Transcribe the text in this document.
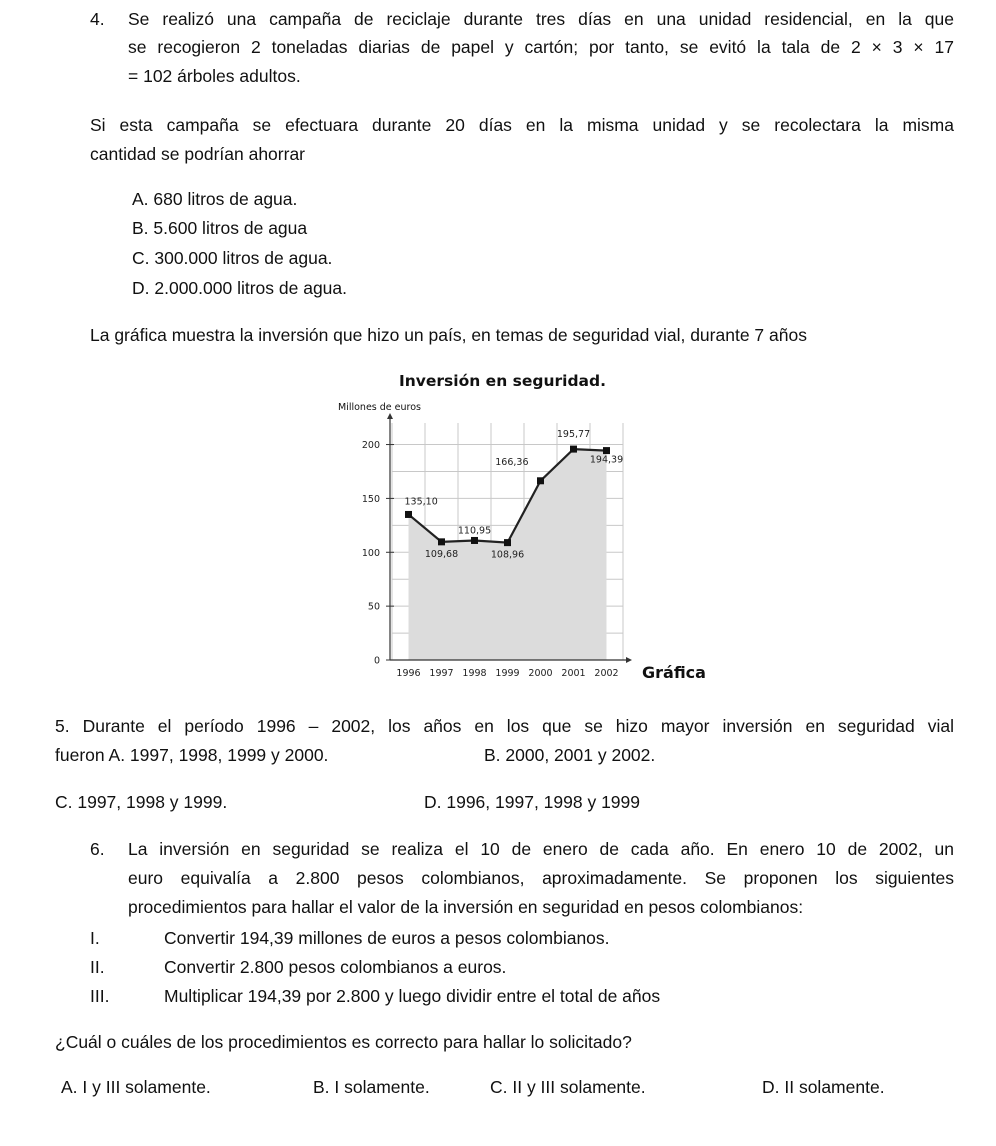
4. Se realizó una campaña de reciclaje durante tres días en una unidad residencial, en la que
se recogieron 2 toneladas diarias de papel y cartón; por tanto, se evitó la tala de 2 × 3 × 17
= 102 árboles adultos.
Si esta campaña se efectuara durante 20 días en la misma unidad y se recolectara la misma
cantidad se podrían ahorrar
A. 680 litros de agua.
B. 5.600 litros de agua
C. 300.000 litros de agua.
D. 2.000.000 litros de agua.
La gráfica muestra la inversión que hizo un país, en temas de seguridad vial, durante 7 años
Inversión en seguridad.
Millones de euros
135,10
109,68
110,95
108,96
166,36
195,77
194,39
0
50
100
150
200
1996 1997 1998 1999 2000 2001 2002 Gráfica
5. Durante el período 1996 – 2002, los años en los que se hizo mayor inversión en seguridad vial
fueron A. 1997, 1998, 1999 y 2000.	B. 2000, 2001 y 2002.
C. 1997, 1998 y 1999.	D. 1996, 1997, 1998 y 1999
6. La inversión en seguridad se realiza el 10 de enero de cada año. En enero 10 de 2002, un
euro equivalía a 2.800 pesos colombianos, aproximadamente. Se proponen los siguientes
procedimientos para hallar el valor de la inversión en seguridad en pesos colombianos:
I.	Convertir 194,39 millones de euros a pesos colombianos.
II.	Convertir 2.800 pesos colombianos a euros.
III.	Multiplicar 194,39 por 2.800 y luego dividir entre el total de años
¿Cuál o cuáles de los procedimientos es correcto para hallar lo solicitado?
A. I y III solamente.	B. I solamente.	C. II y III solamente.	D. II solamente.
